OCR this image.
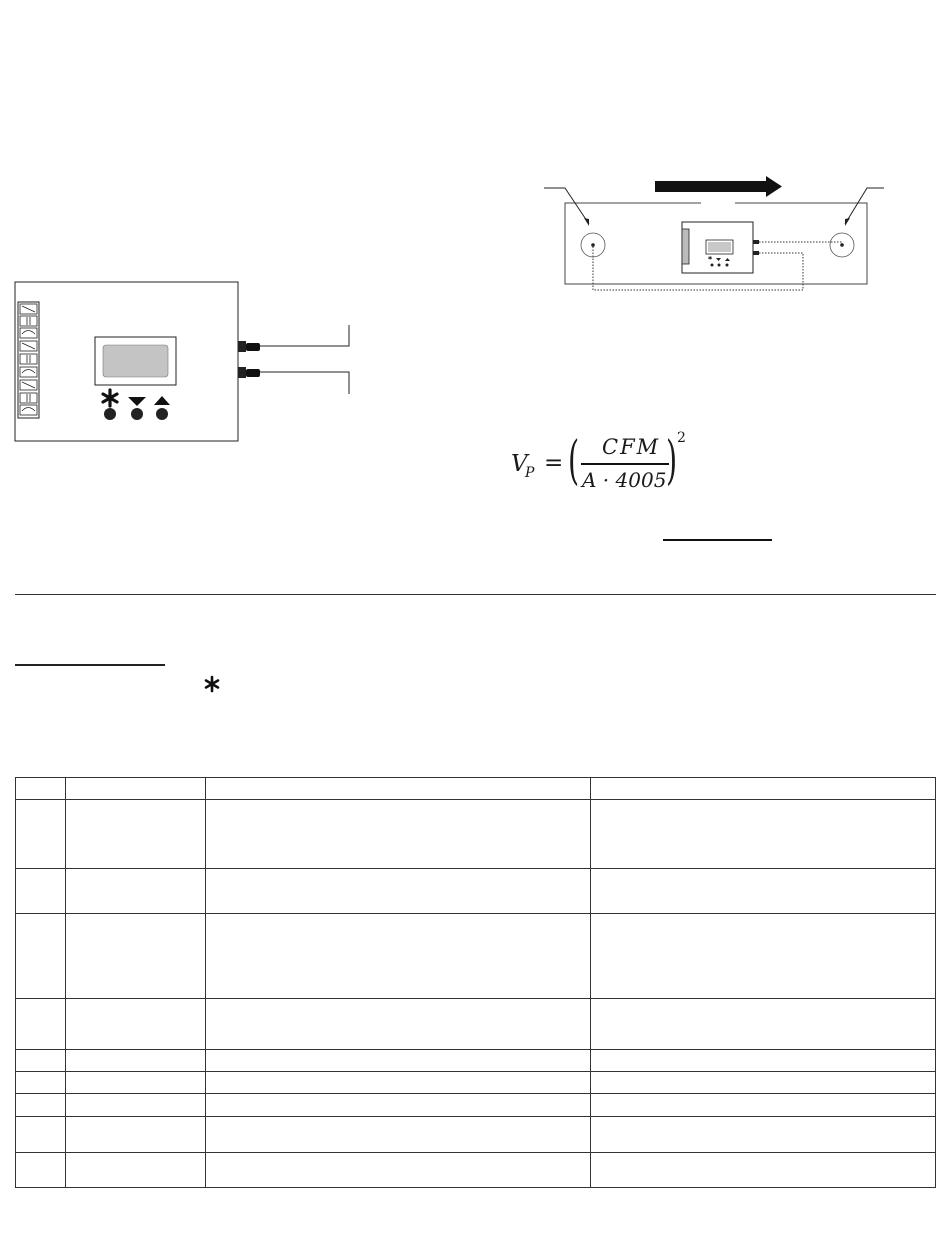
*
V
P = ( CFM
A · 4005 ) 2
